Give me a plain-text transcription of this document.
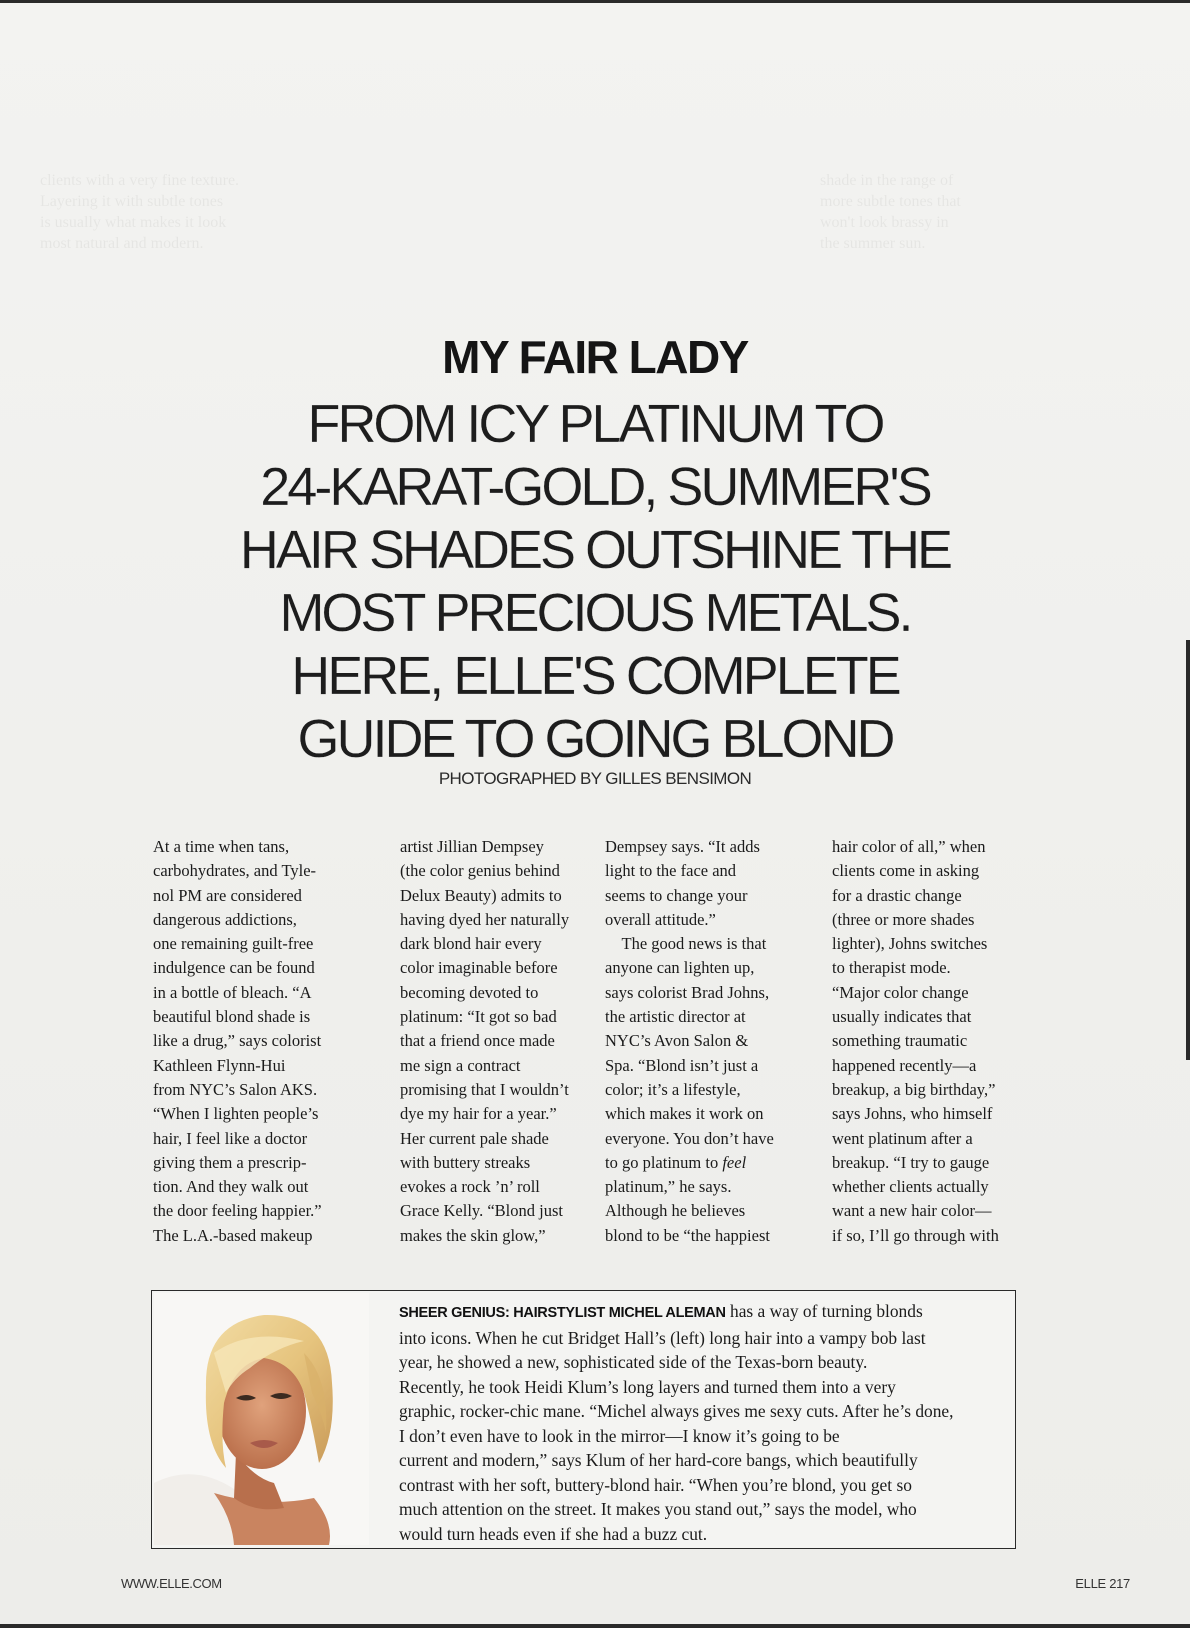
clients with a very fine texture.
Layering it with subtle tones
is usually what makes it look
most natural and modern.
shade in the range of
more subtle tones that
won't look brassy in
the summer sun.
MY FAIR LADY
FROM ICY PLATINUM TO
24-KARAT-GOLD, SUMMER'S
HAIR SHADES OUTSHINE THE
MOST PRECIOUS METALS.
HERE, ELLE'S COMPLETE
GUIDE TO GOING BLOND
PHOTOGRAPHED BY GILLES BENSIMON
At a time when tans,
carbohydrates, and Tyle-
nol PM are considered
dangerous addictions,
one remaining guilt-free
indulgence can be found
in a bottle of bleach. “A
beautiful blond shade is
like a drug,” says colorist
Kathleen Flynn-Hui
from NYC’s Salon AKS.
“When I lighten people’s
hair, I feel like a doctor
giving them a prescrip-
tion. And they walk out
the door feeling happier.”
The L.A.-based makeup
artist Jillian Dempsey
(the color genius behind
Delux Beauty) admits to
having dyed her naturally
dark blond hair every
color imaginable before
becoming devoted to
platinum: “It got so bad
that a friend once made
me sign a contract
promising that I wouldn’t
dye my hair for a year.”
Her current pale shade
with buttery streaks
evokes a rock ’n’ roll
Grace Kelly. “Blond just
makes the skin glow,”
Dempsey says. “It adds
light to the face and
seems to change your
overall attitude.”
 The good news is that
anyone can lighten up,
says colorist Brad Johns,
the artistic director at
NYC’s Avon Salon &
Spa. “Blond isn’t just a
color; it’s a lifestyle,
which makes it work on
everyone. You don’t have
to go platinum to feel
platinum,” he says.
Although he believes
blond to be “the happiest
hair color of all,” when
clients come in asking
for a drastic change
(three or more shades
lighter), Johns switches
to therapist mode.
“Major color change
usually indicates that
something traumatic
happened recently—a
breakup, a big birthday,”
says Johns, who himself
went platinum after a
breakup. “I try to gauge
whether clients actually
want a new hair color—
if so, I’ll go through with
SHEER GENIUS: HAIRSTYLIST MICHEL ALEMAN has a way of turning blonds
into icons. When he cut Bridget Hall’s (left) long hair into a vampy bob last
year, he showed a new, sophisticated side of the Texas-born beauty.
Recently, he took Heidi Klum’s long layers and turned them into a very
graphic, rocker-chic mane. “Michel always gives me sexy cuts. After he’s done,
I don’t even have to look in the mirror—I know it’s going to be
current and modern,” says Klum of her hard-core bangs, which beautifully
contrast with her soft, buttery-blond hair. “When you’re blond, you get so
much attention on the street. It makes you stand out,” says the model, who
would turn heads even if she had a buzz cut.
WWW.ELLE.COM	ELLE 217
